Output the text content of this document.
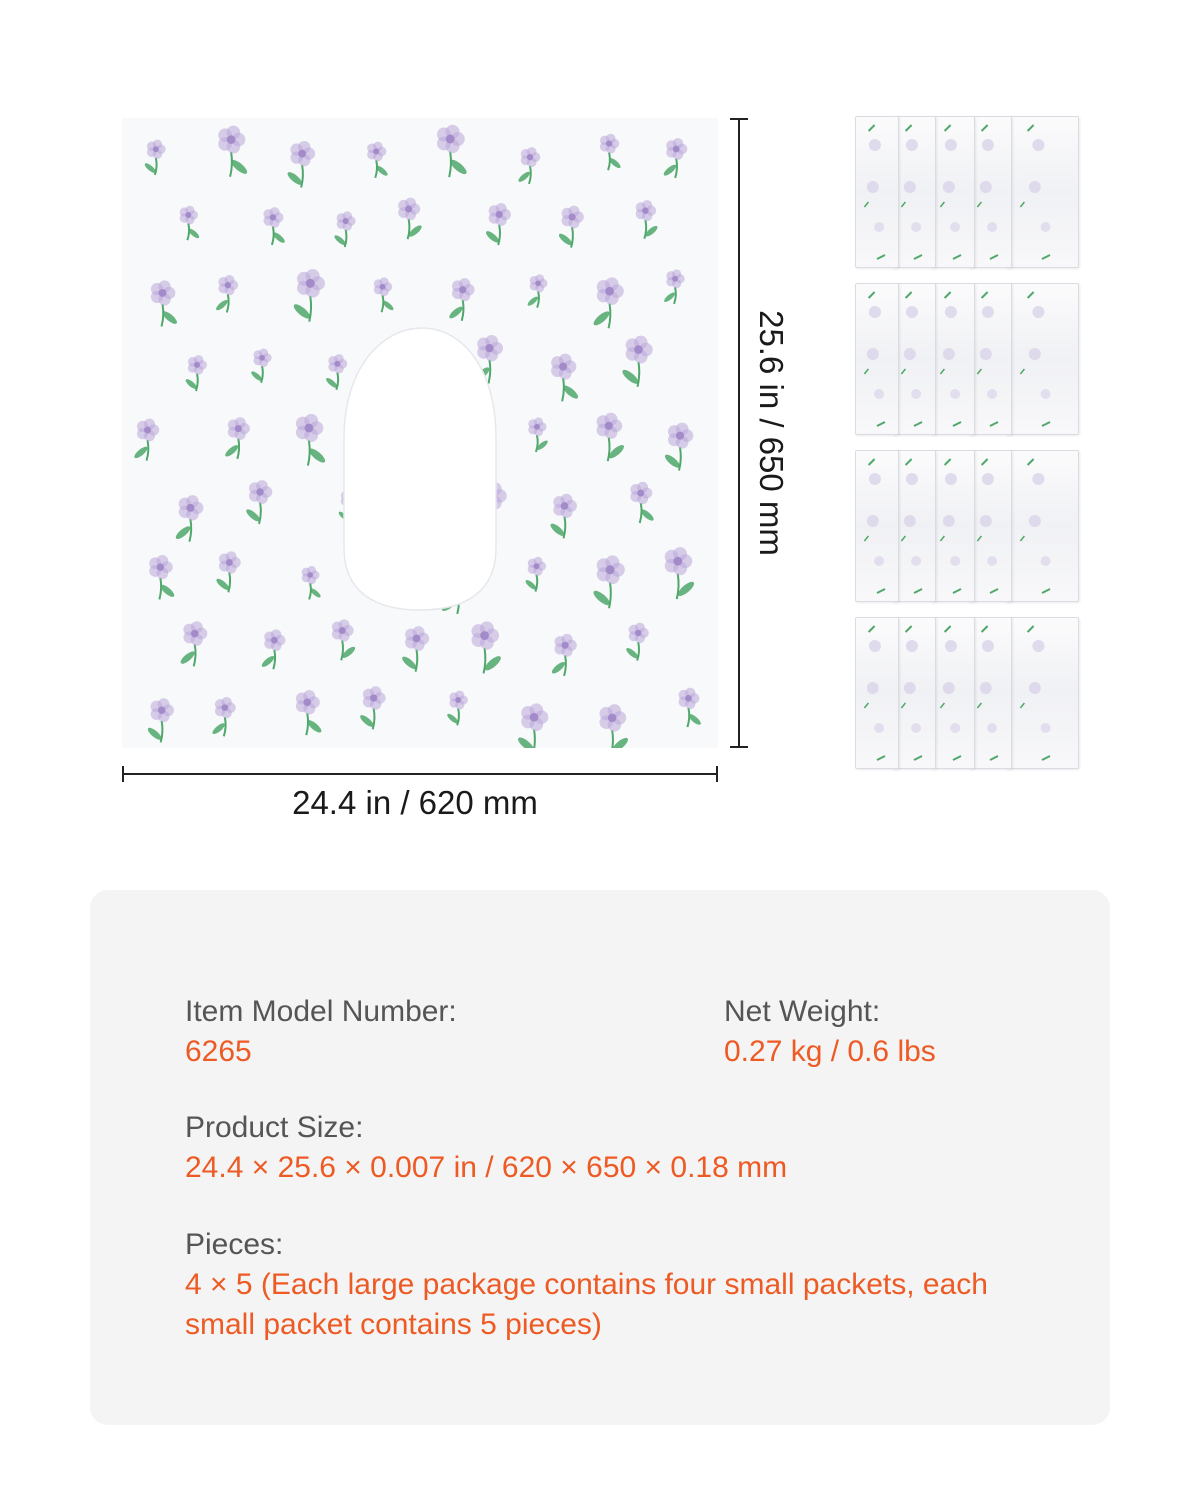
24.4 in / 620 mm
25.6 in / 650 mm
Item Model Number:
6265
Net Weight:
0.27 kg / 0.6 lbs
Product Size:
24.4 × 25.6 × 0.007 in / 620 × 650 × 0.18 mm
Pieces:
4 × 5 (Each large package contains four small packets, each small packet contains 5 pieces)
